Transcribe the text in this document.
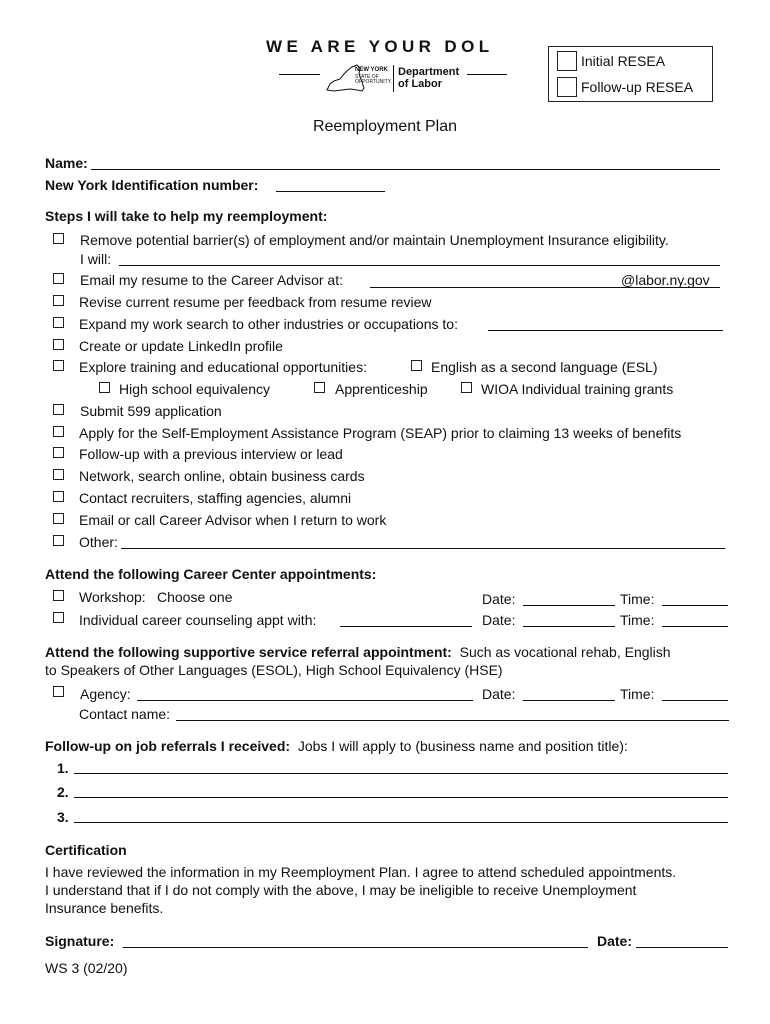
WE ARE YOUR DOL
NEW YORK
STATE OF
OPPORTUNITY.
Department
of Labor
Initial RESEA
Follow-up RESEA
Reemployment Plan
Name:
New York Identification number:
Steps I will take to help my reemployment:
Remove potential barrier(s) of employment and/or maintain Unemployment Insurance eligibility.
I will:
Email my resume to the Career Advisor at:	@labor.ny.gov
Revise current resume per feedback from resume review
Expand my work search to other industries or occupations to:
Create or update LinkedIn profile
Explore training and educational opportunities:	English as a second language (ESL)
High school equivalency	Apprenticeship	WIOA Individual training grants
Submit 599 application
Apply for the Self-Employment Assistance Program (SEAP) prior to claiming 13 weeks of benefits
Follow-up with a previous interview or lead
Network, search online, obtain business cards
Contact recruiters, staffing agencies, alumni
Email or call Career Advisor when I return to work
Other:
Attend the following Career Center appointments:
Workshop: Choose one	Date:	Time:
Individual career counseling appt with:	Date:	Time:
Attend the following supportive service referral appointment: Such as vocational rehab, English
to Speakers of Other Languages (ESOL), High School Equivalency (HSE)
Agency:	Date:	Time:
Contact name:
Follow-up on job referrals I received: Jobs I will apply to (business name and position title):
1.
2.
3.
Certification
I have reviewed the information in my Reemployment Plan. I agree to attend scheduled appointments.
I understand that if I do not comply with the above, I may be ineligible to receive Unemployment
Insurance benefits.
Signature:	Date:
WS 3 (02/20)
